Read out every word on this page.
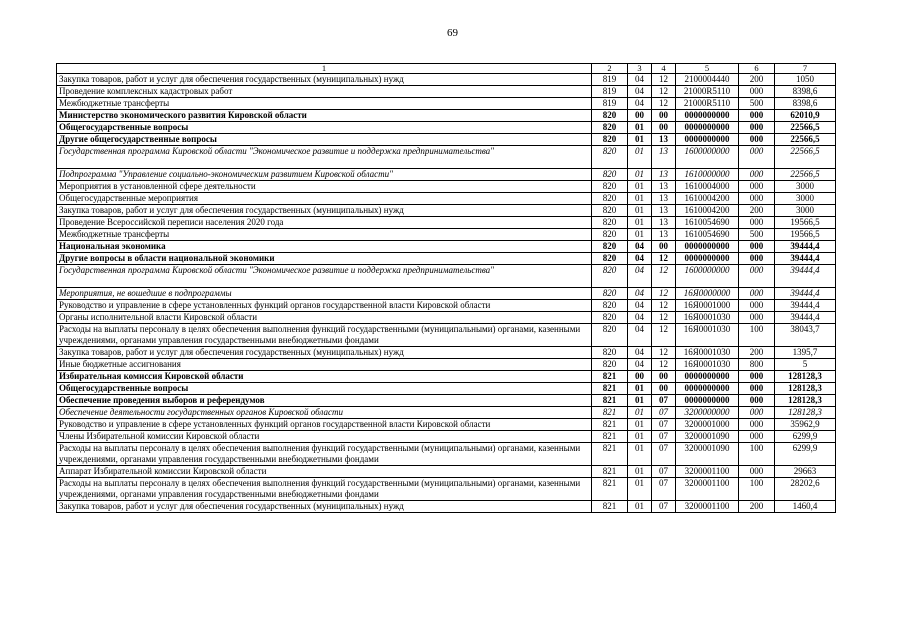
69
1	2	3	4	5	6	7
Закупка товаров, работ и услуг для обеспечения государственных (муниципальных) нужд	819	04	12	2100004440	200	1050
Проведение комплексных кадастровых работ	819	04	12	21000R5110	000	8398,6
Межбюджетные трансферты	819	04	12	21000R5110	500	8398,6
Министерство экономического развития Кировской области	820	00	00	0000000000	000	62010,9
Общегосударственные вопросы	820	01	00	0000000000	000	22566,5
Другие общегосударственные вопросы	820	01	13	0000000000	000	22566,5
Государственная программа Кировской области "Экономическое развитие и поддержка предпринимательства"	820	01	13	1600000000	000	22566,5
Подпрограмма "Управление социально-экономическим развитием Кировской области"	820	01	13	1610000000	000	22566,5
Мероприятия в установленной сфере деятельности	820	01	13	1610004000	000	3000
Общегосударственные мероприятия	820	01	13	1610004200	000	3000
Закупка товаров, работ и услуг для обеспечения государственных (муниципальных) нужд	820	01	13	1610004200	200	3000
Проведение Всероссийской переписи населения 2020 года	820	01	13	1610054690	000	19566,5
Межбюджетные трансферты	820	01	13	1610054690	500	19566,5
Национальная экономика	820	04	00	0000000000	000	39444,4
Другие вопросы в области национальной экономики	820	04	12	0000000000	000	39444,4
Государственная программа Кировской области "Экономическое развитие и поддержка предпринимательства"	820	04	12	1600000000	000	39444,4
Мероприятия, не вошедшие в подпрограммы	820	04	12	16Я0000000	000	39444,4
Руководство и управление в сфере установленных функций органов государственной власти Кировской области	820	04	12	16Я0001000	000	39444,4
Органы исполнительной власти Кировской области	820	04	12	16Я0001030	000	39444,4
Расходы на выплаты персоналу в целях обеспечения выполнения функций государственными (муниципальными) органами, казенными учреждениями, органами управления государственными внебюджетными фондами	820	04	12	16Я0001030	100	38043,7
Закупка товаров, работ и услуг для обеспечения государственных (муниципальных) нужд	820	04	12	16Я0001030	200	1395,7
Иные бюджетные ассигнования	820	04	12	16Я0001030	800	5
Избирательная комиссия Кировской области	821	00	00	0000000000	000	128128,3
Общегосударственные вопросы	821	01	00	0000000000	000	128128,3
Обеспечение проведения выборов и референдумов	821	01	07	0000000000	000	128128,3
Обеспечение деятельности государственных органов Кировской области	821	01	07	3200000000	000	128128,3
Руководство и управление в сфере установленных функций органов государственной власти Кировской области	821	01	07	3200001000	000	35962,9
Члены Избирательной комиссии Кировской области	821	01	07	3200001090	000	6299,9
Расходы на выплаты персоналу в целях обеспечения выполнения функций государственными (муниципальными) органами, казенными учреждениями, органами управления государственными внебюджетными фондами	821	01	07	3200001090	100	6299,9
Аппарат Избирательной комиссии Кировской области	821	01	07	3200001100	000	29663
Расходы на выплаты персоналу в целях обеспечения выполнения функций государственными (муниципальными) органами, казенными учреждениями, органами управления государственными внебюджетными фондами	821	01	07	3200001100	100	28202,6
Закупка товаров, работ и услуг для обеспечения государственных (муниципальных) нужд	821	01	07	3200001100	200	1460,4
